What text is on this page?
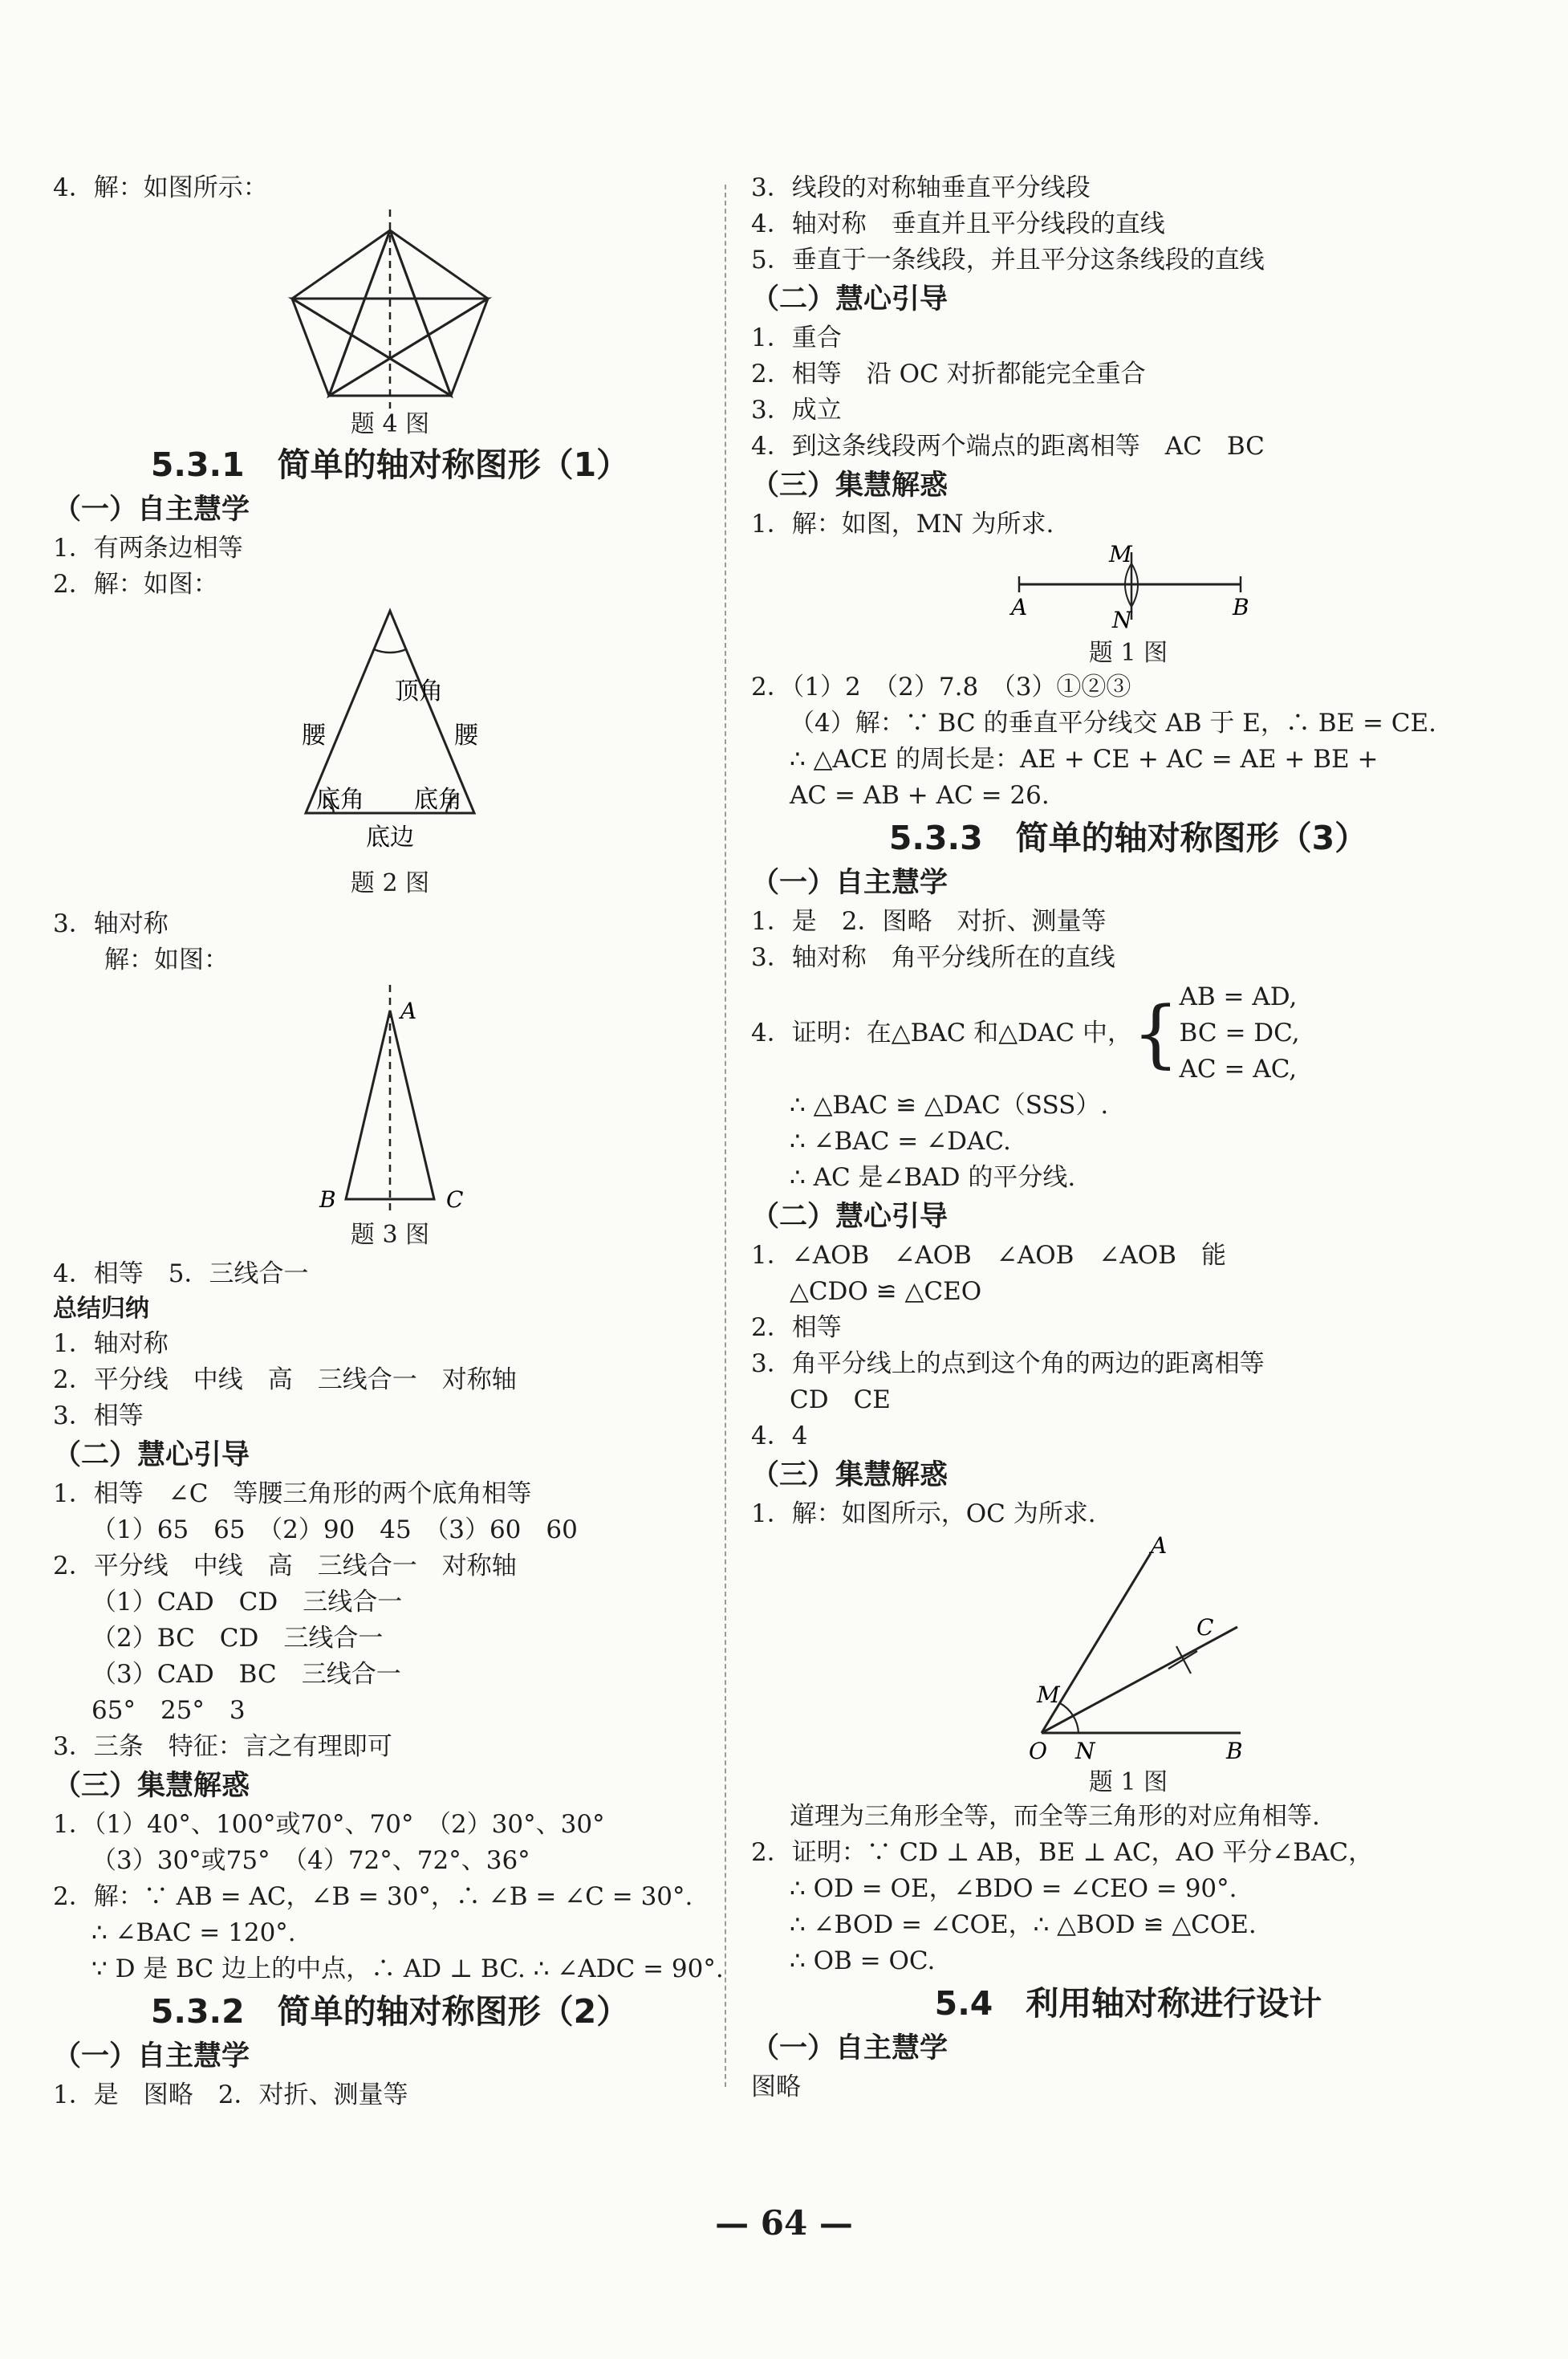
4．解：如图所示：
题 4 图
5.3.1　简单的轴对称图形（1）
（一）自主慧学
1．有两条边相等
2．解：如图：
顶角
腰	腰
底角 底角
底边
题 2 图
3．轴对称
解：如图：
A
B	C
题 3 图
4．相等　5．三线合一
总结归纳
1．轴对称
2．平分线　中线　高　三线合一　对称轴
3．相等
（二）慧心引导
1．相等　∠C　等腰三角形的两个底角相等
（1）65　65　（2）90　45　（3）60　60
2．平分线　中线　高　三线合一　对称轴
（1）CAD　CD　三线合一
（2）BC　CD　三线合一
（3）CAD　BC　三线合一
65°　25°　3
3．三条　特征：言之有理即可
（三）集慧解惑
1．（1）40°、100°或70°、70°　（2）30°、30°
（3）30°或75°　（4）72°、72°、36°
2．解：∵ AB = AC，∠B = 30°，∴ ∠B = ∠C = 30°.
∴ ∠BAC = 120°.
∵ D 是 BC 边上的中点，∴ AD ⊥ BC. ∴ ∠ADC = 90°.
5.3.2　简单的轴对称图形（2）
（一）自主慧学
1．是　图略　2．对折、测量等
3．线段的对称轴垂直平分线段
4．轴对称　垂直并且平分线段的直线
5．垂直于一条线段，并且平分这条线段的直线
（二）慧心引导
1．重合
2．相等　沿 OC 对折都能完全重合
3．成立
4．到这条线段两个端点的距离相等　AC　BC
（三）集慧解惑
1．解：如图，MN 为所求.
M
N
A	B
题 1 图
2．（1）2　（2）7.8　（3）①②③
（4）解：∵ BC 的垂直平分线交 AB 于 E，∴ BE = CE.
∴ △ACE 的周长是：AE + CE + AC = AE + BE +
AC = AB + AC = 26.
5.3.3　简单的轴对称图形（3）
（一）自主慧学
1．是　2．图略　对折、测量等
3．轴对称　角平分线所在的直线
4．证明：在△BAC 和△DAC 中， { AB = AD,
BC = DC,
AC = AC,
∴ △BAC ≌ △DAC（SSS）.
∴ ∠BAC = ∠DAC.
∴ AC 是∠BAD 的平分线.
（二）慧心引导
1．∠AOB　∠AOB　∠AOB　∠AOB　能
△CDO ≌ △CEO
2．相等
3．角平分线上的点到这个角的两边的距离相等
CD　CE
4．4
（三）集慧解惑
1．解：如图所示，OC 为所求.
A
C
M
O N	B
题 1 图
道理为三角形全等，而全等三角形的对应角相等.
2．证明：∵ CD ⊥ AB，BE ⊥ AC，AO 平分∠BAC，
∴ OD = OE，∠BDO = ∠CEO = 90°.
∴ ∠BOD = ∠COE，∴ △BOD ≌ △COE.
∴ OB = OC.
5.4　利用轴对称进行设计
（一）自主慧学
图略
— 64 —
